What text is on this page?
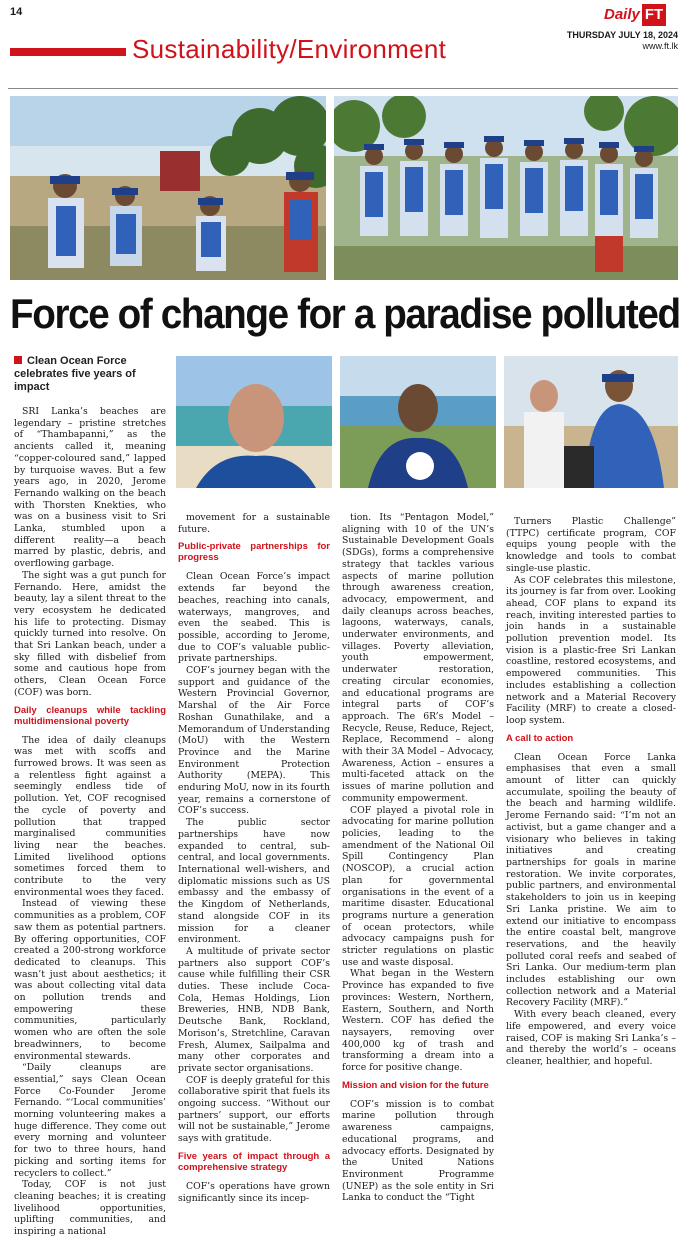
14	Daily FT
THURSDAY JULY 18, 2024
www.ft.lk
Sustainability/Environment
Force of change for a paradise polluted
Clean Ocean Force celebrates five years of impact
SRI Lanka’s beaches are legendary – pristine stretches of “Thambapanni,” as the ancients called it, meaning “copper-coloured sand,” lapped by turquoise waves. But a few years ago, in 2020, Jerome Fernando walking on the beach with Thorsten Knekties, who was on a business visit to Sri Lanka, stumbled upon a different reality—a beach marred by plastic, debris, and overflowing garbage.
The sight was a gut punch for Fernando. Here, amidst the beauty, lay a silent threat to the very ecosystem he dedicated his life to protecting. Dismay quickly turned into resolve. On that Sri Lankan beach, under a sky filled with disbelief from some and cautious hope from others, Clean Ocean Force (COF) was born.
Daily cleanups while tackling multidimensional poverty
The idea of daily cleanups was met with scoffs and furrowed brows. It was seen as a relentless fight against a seemingly endless tide of pollution. Yet, COF recognised the cycle of poverty and pollution that trapped marginalised communities living near the beaches. Limited livelihood options sometimes forced them to contribute to the very environmental woes they faced.
Instead of viewing these communities as a problem, COF saw them as potential partners. By offering opportunities, COF created a 200-strong workforce dedicated to cleanups. This wasn’t just about aesthetics; it was about collecting vital data on pollution trends and empowering these communities, particularly women who are often the sole breadwinners, to become environmental stewards.
“Daily cleanups are essential,” says Clean Ocean Force Co-Founder Jerome Fernando. “‘Local communities’ morning volunteering makes a huge difference. They come out every morning and volunteer for two to three hours, hand picking and sorting items for recyclers to collect.”
Today, COF is not just cleaning beaches; it is creating livelihood opportunities, uplifting communities, and inspiring a national
movement for a sustainable future.
Public-private partnerships for progress
Clean Ocean Force’s impact extends far beyond the beaches, reaching into canals, waterways, mangroves, and even the seabed. This is possible, according to Jerome, due to COF’s valuable public-private partnerships.
COF’s journey began with the support and guidance of the Western Provincial Governor, Marshal of the Air Force Roshan Gunathilake, and a Memorandum of Understanding (MoU) with the Western Province and the Marine Environment Protection Authority (MEPA). This enduring MoU, now in its fourth year, remains a cornerstone of COF’s success.
The public sector partnerships have now expanded to central, sub-central, and local governments. International well-wishers, and diplomatic missions such as US embassy and the embassy of the Kingdom of Netherlands, stand alongside COF in its mission for a cleaner environment.
A multitude of private sector partners also support COF’s cause while fulfilling their CSR duties. These include Coca-Cola, Hemas Holdings, Lion Breweries, HNB, NDB Bank, Deutsche Bank, Rockland, Morison’s, Stretchline, Caravan Fresh, Alumex, Sailpalma and many other corporates and private sector organisations.
COF is deeply grateful for this collaborative spirit that fuels its ongoing success. “Without our partners’ support, our efforts will not be sustainable,” Jerome says with gratitude.
Five years of impact through a comprehensive strategy
COF’s operations have grown significantly since its incep-
tion. Its “Pentagon Model,” aligning with 10 of the UN’s Sustainable Development Goals (SDGs), forms a comprehensive strategy that tackles various aspects of marine pollution through awareness creation, advocacy, empowerment, and daily cleanups across beaches, lagoons, waterways, canals, underwater environments, and villages. Poverty alleviation, youth empowerment, underwater restoration, creating circular economies, and educational programs are integral parts of COF’s approach. The 6R’s Model – Recycle, Reuse, Reduce, Reject, Replace, Recommend – along with their 3A Model – Advocacy, Awareness, Action – ensures a multi-faceted attack on the issues of marine pollution and community empowerment.
COF played a pivotal role in advocating for marine pollution policies, leading to the amendment of the National Oil Spill Contingency Plan (NOSCOP), a crucial action plan for governmental organisations in the event of a maritime disaster. Educational programs nurture a generation of ocean protectors, while advocacy campaigns push for stricter regulations on plastic use and waste disposal.
What began in the Western Province has expanded to five provinces: Western, Northern, Eastern, Southern, and North Western. COF has defied the naysayers, removing over 400,000 kg of trash and transforming a dream into a force for positive change.
Mission and vision for the future
COF’s mission is to combat marine pollution through awareness campaigns, educational programs, and advocacy efforts. Designated by the United Nations Environment Programme (UNEP) as the sole entity in Sri Lanka to conduct the “Tight
Turners Plastic Challenge” (TTPC) certificate program, COF equips young people with the knowledge and tools to combat single-use plastic.
As COF celebrates this milestone, its journey is far from over. Looking ahead, COF plans to expand its reach, inviting interested parties to join hands in a sustainable pollution prevention model. Its vision is a plastic-free Sri Lankan coastline, restored ecosystems, and empowered communities. This includes establishing a collection network and a Material Recovery Facility (MRF) to create a closed-loop system.
A call to action
Clean Ocean Force Lanka emphasises that even a small amount of litter can quickly accumulate, spoiling the beauty of the beach and harming wildlife. Jerome Fernando said: “I’m not an activist, but a game changer and a visionary who believes in taking initiatives and creating partnerships for goals in marine restoration. We invite corporates, public partners, and environmental stakeholders to join us in keeping Sri Lanka pristine. We aim to extend our initiative to encompass the entire coastal belt, mangrove reservations, and the heavily polluted coral reefs and seabed of Sri Lanka. Our medium-term plan includes establishing our own collection network and a Material Recovery Facility (MRF).”
With every beach cleaned, every life empowered, and every voice raised, COF is making Sri Lanka’s – and thereby the world’s – oceans cleaner, healthier, and hopeful.
